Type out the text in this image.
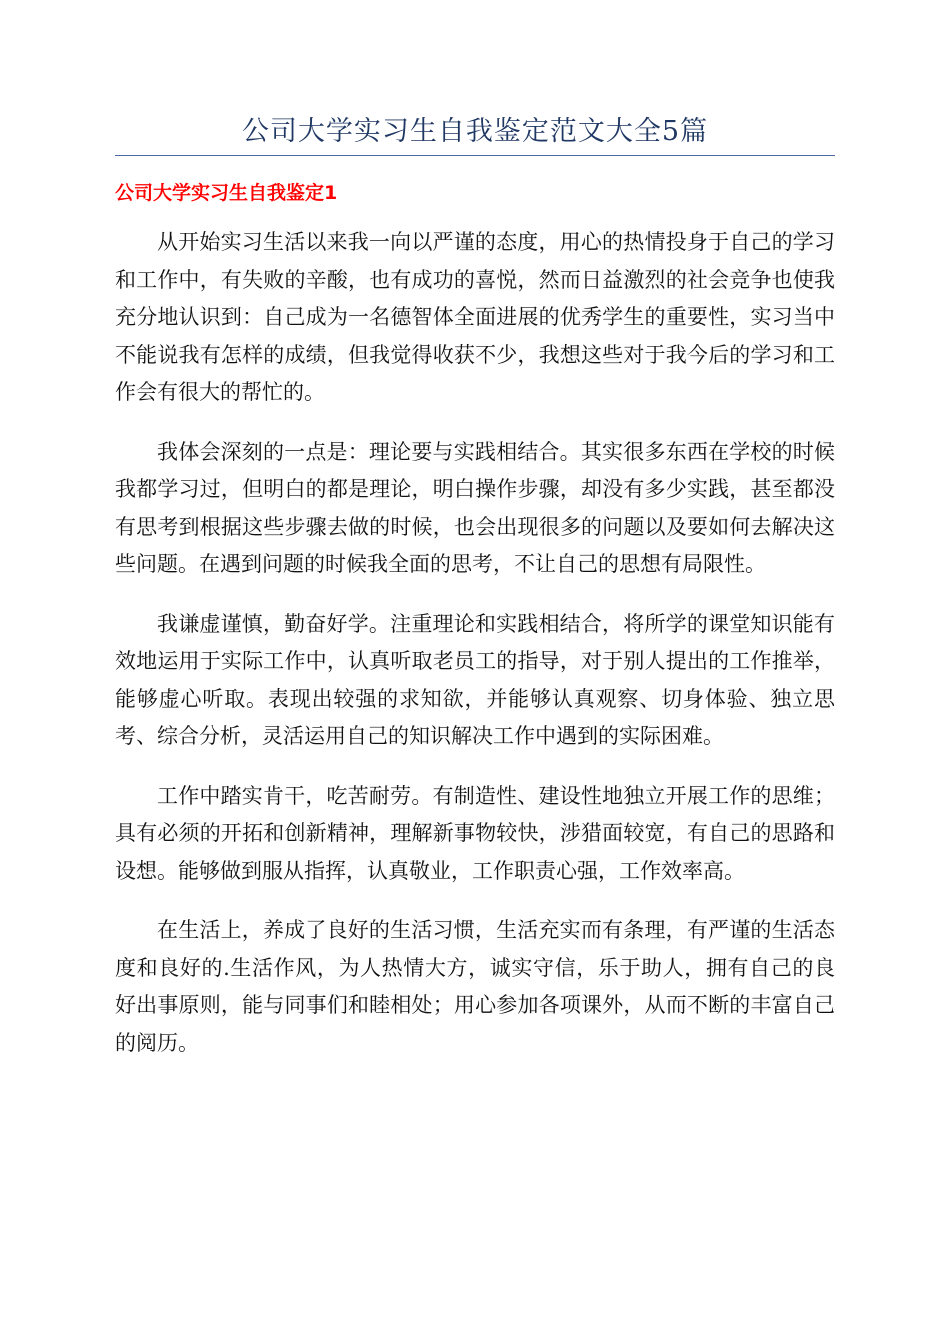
公司大学实习生自我鉴定范文大全5篇
公司大学实习生自我鉴定1

从开始实习生活以来我一向以严谨的态度，用心的热情投身于自己的学习和工作中，有失败的辛酸，也有成功的喜悦，然而日益激烈的社会竞争也使我充分地认识到：自己成为一名德智体全面进展的优秀学生的重要性，实习当中不能说我有怎样的成绩，但我觉得收获不少，我想这些对于我今后的学习和工作会有很大的帮忙的。

我体会深刻的一点是：理论要与实践相结合。其实很多东西在学校的时候我都学习过，但明白的都是理论，明白操作步骤，却没有多少实践，甚至都没有思考到根据这些步骤去做的时候，也会出现很多的问题以及要如何去解决这些问题。在遇到问题的时候我全面的思考，不让自己的思想有局限性。

我谦虚谨慎，勤奋好学。注重理论和实践相结合，将所学的课堂知识能有效地运用于实际工作中，认真听取老员工的指导，对于别人提出的工作推举，能够虚心听取。表现出较强的求知欲，并能够认真观察、切身体验、独立思考、综合分析，灵活运用自己的知识解决工作中遇到的实际困难。

工作中踏实肯干，吃苦耐劳。有制造性、建设性地独立开展工作的思维；具有必须的开拓和创新精神，理解新事物较快，涉猎面较宽，有自己的思路和设想。能够做到服从指挥，认真敬业，工作职责心强，工作效率高。

在生活上，养成了良好的生活习惯，生活充实而有条理，有严谨的生活态度和良好的.生活作风，为人热情大方，诚实守信，乐于助人，拥有自己的良好出事原则，能与同事们和睦相处；用心参加各项课外，从而不断的丰富自己的阅历。
